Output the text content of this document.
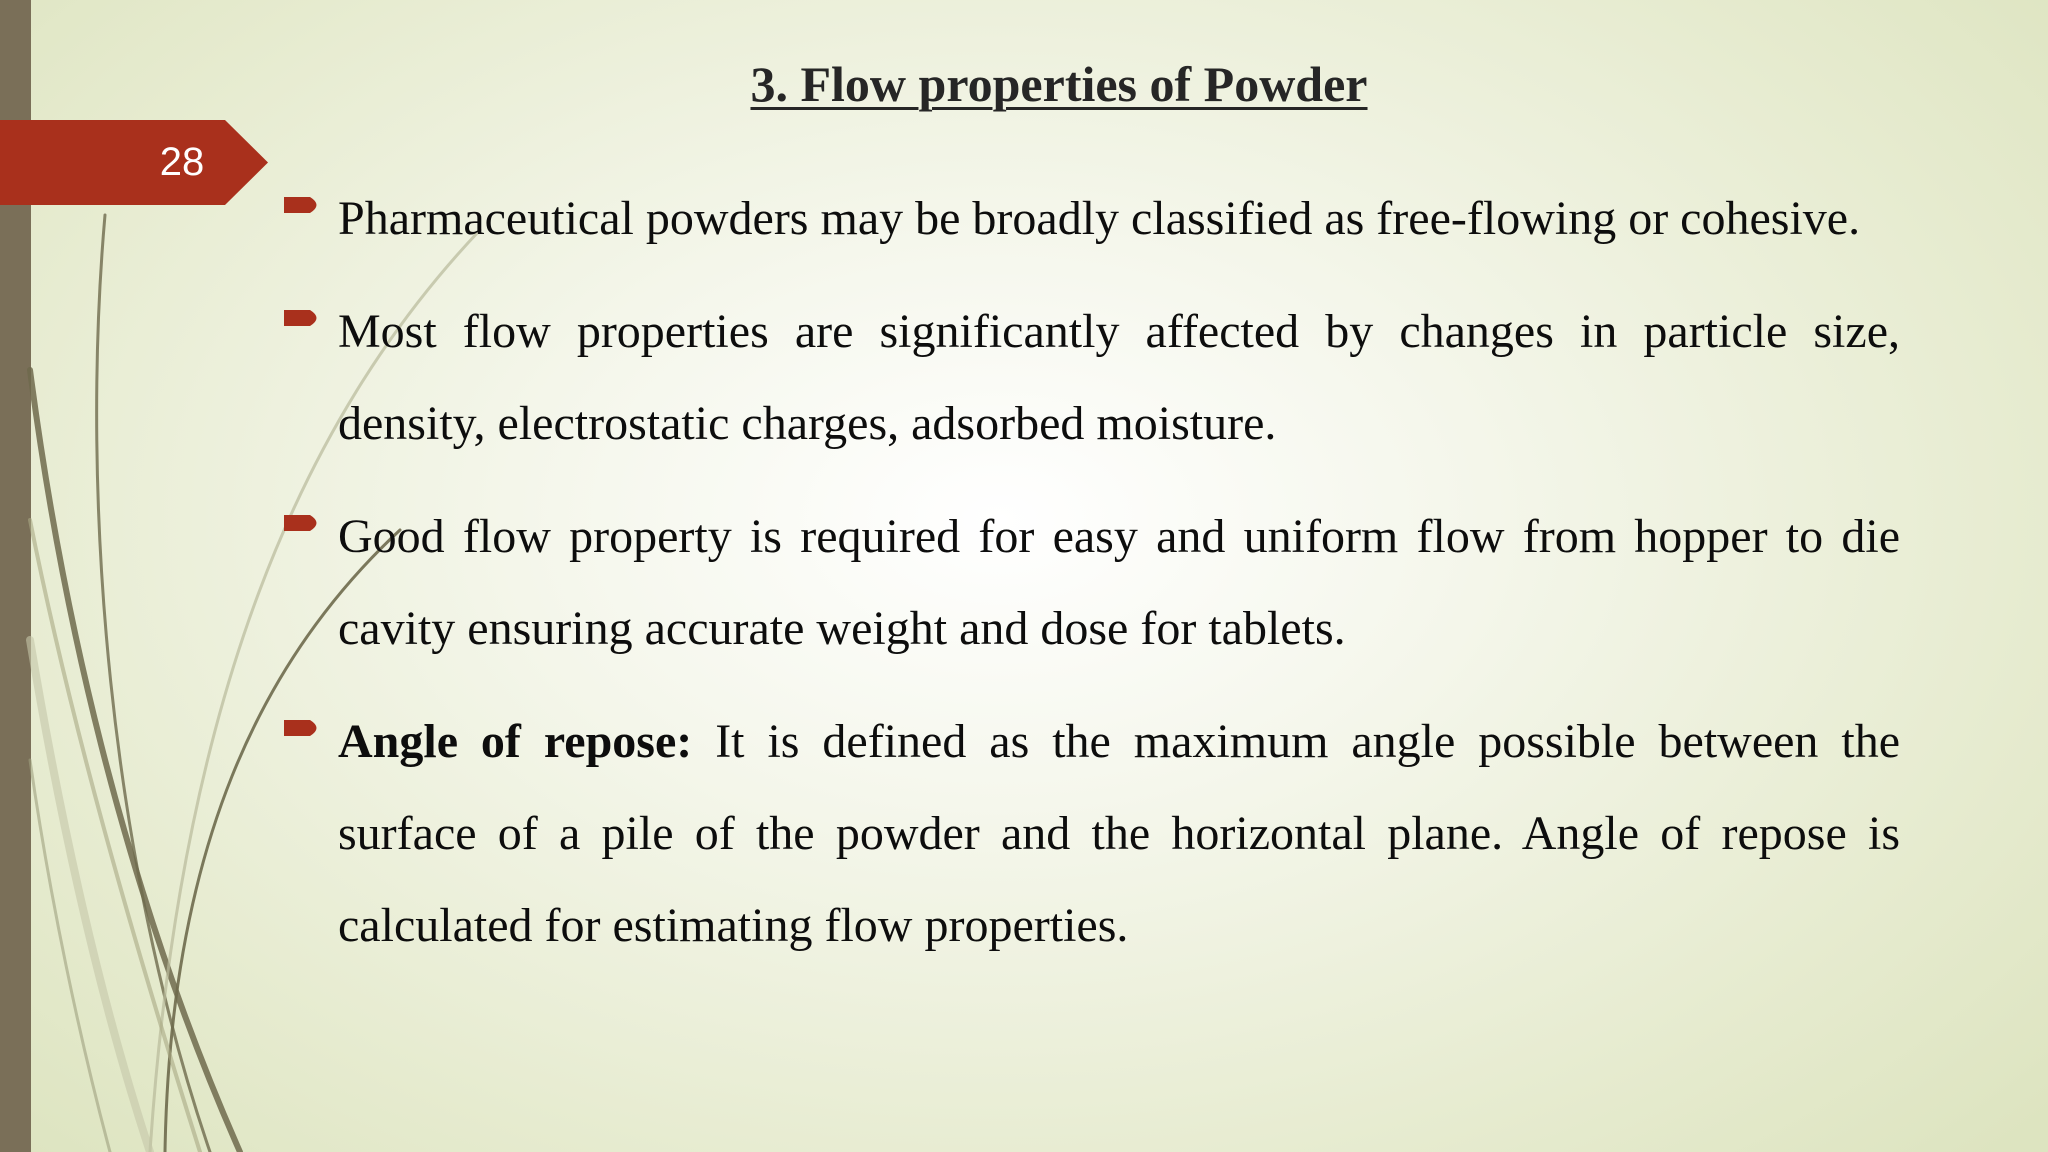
28
3. Flow properties of Powder
Pharmaceutical powders may be broadly classified as free-flowing or cohesive.
Most flow properties are significantly affected by changes in particle size, density, electrostatic charges, adsorbed moisture.
Good flow property is required for easy and uniform flow from hopper to die cavity ensuring accurate weight and dose for tablets.
Angle of repose: It is defined as the maximum angle possible between the surface of a pile of the powder and the horizontal plane. Angle of repose is calculated for estimating flow properties.
